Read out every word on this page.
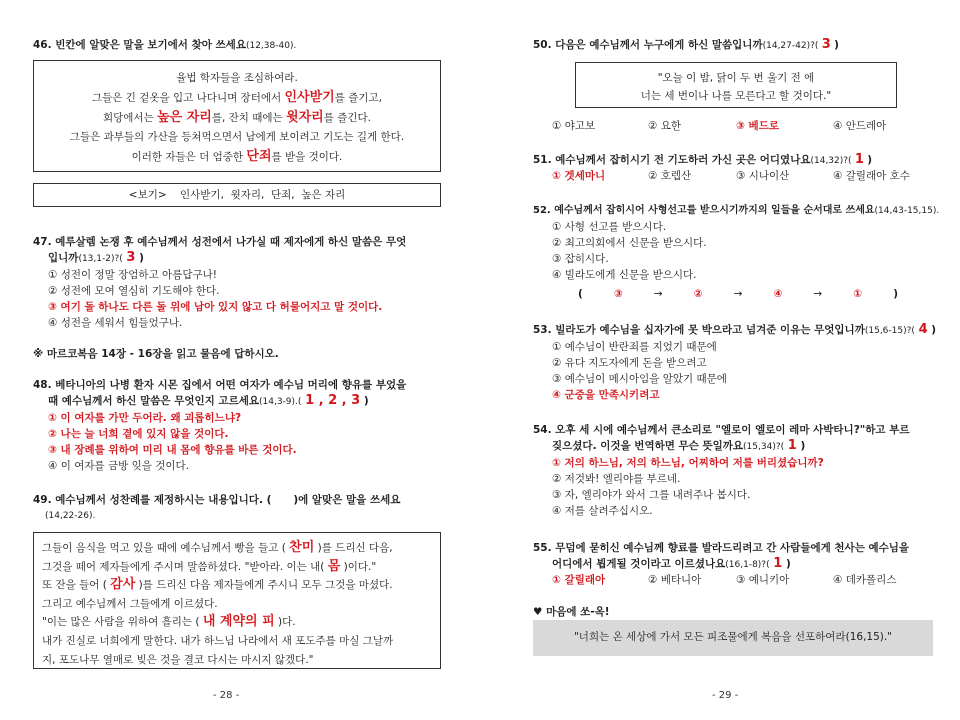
46. 빈칸에 알맞은 말을 보기에서 찾아 쓰세요(12,38-40).
율법 학자들을 조심하여라.
그들은 긴 겉옷을 입고 나다니며 장터에서 인사받기를 즐기고,
회당에서는 높은 자리를, 잔치 때에는 윗자리를 즐긴다.
그들은 과부들의 가산을 등쳐먹으면서 남에게 보이려고 기도는 길게 한다.
이러한 자들은 더 엄중한 단죄를 받을 것이다.
<보기>    인사받기,  윗자리,  단죄,  높은 자리
47. 예루살렘 논쟁 후 예수님께서 성전에서 나가실 때 제자에게 하신 말씀은 무엇
입니까(13,1-2)?( 3 )
① 성전이 정말 장엄하고 아름답구나!
② 성전에 모여 열심히 기도해야 한다.
③ 여기 돌 하나도 다른 돌 위에 남아 있지 않고 다 허물어지고 말 것이다.
④ 성전을 세워서 힘들었구나.
※ 마르코복음 14장 - 16장을 읽고 물음에 답하시오.
48. 베타니아의 나병 환자 시몬 집에서 어떤 여자가 예수님 머리에 향유를 부었을
때 예수님께서 하신 말씀은 무엇인지 고르세요(14,3-9).( 1 , 2 , 3 )
① 이 여자를 가만 두어라. 왜 괴롭히느냐?
② 나는 늘 너희 곁에 있지 않을 것이다.
③ 내 장례를 위하여 미리 내 몸에 향유를 바른 것이다.
④ 이 여자를 금방 잊을 것이다.
49. 예수님께서 성찬례를 제정하시는 내용입니다. (      )에 알맞은 말을 쓰세요
(14,22-26).
그들이 음식을 먹고 있을 때에 예수님께서 빵을 들고 ( 찬미 )를 드리신 다음,
그것을 떼어 제자들에게 주시며 말씀하셨다. "받아라. 이는 내( 몸 )이다."
또 잔을 들어 ( 감사 )를 드리신 다음 제자들에게 주시니 모두 그것을 마셨다.
그리고 예수님께서 그들에게 이르셨다.
"이는 많은 사람을 위하여 흘리는 ( 내 계약의 피 )다.
내가 진실로 너희에게 말한다. 내가 하느님 나라에서 새 포도주를 마실 그날까
지, 포도나무 열매로 빚은 것을 결코 다시는 마시지 않겠다."
- 28 -
50. 다음은 예수님께서 누구에게 하신 말씀입니까(14,27-42)?( 3 )
"오늘 이 밤, 닭이 두 번 울기 전 에
너는 세 번이나 나를 모른다고 할 것이다."
① 야고보	② 요한	③ 베드로	④ 안드레아
51. 예수님께서 잡히시기 전 기도하러 가신 곳은 어디였나요(14,32)?( 1 )
① 겟세마니	② 호렙산	③ 시나이산	④ 갈릴래아 호수
52. 예수님께서 잡히시어 사형선고를 받으시기까지의 일들을 순서대로 쓰세요(14,43-15,15).
① 사형 선고를 받으시다.
② 최고의회에서 신문을 받으시다.
③ 잡히시다.
④ 빌라도에게 신문을 받으시다.
(	③	→	②	→	④	→	①	)
53. 빌라도가 예수님을 십자가에 못 박으라고 넘겨준 이유는 무엇입니까(15,6-15)?( 4 )
① 예수님이 반란죄를 지었기 때문에
② 유다 지도자에게 돈을 받으려고
③ 예수님이 메시아임을 알았기 때문에
④ 군중을 만족시키려고
54. 오후 세 시에 예수님께서 큰소리로 "엘로이 엘로이 레마 사박타니?"하고 부르
짖으셨다. 이것을 번역하면 무슨 뜻일까요(15,34)?( 1 )
① 저의 하느님, 저의 하느님, 어찌하여 저를 버리셨습니까?
② 저것봐! 엘리야를 부르네.
③ 자, 엘리야가 와서 그를 내려주나 봅시다.
④ 저를 살려주십시오.
55. 무덤에 묻히신 예수님께 향료를 발라드리려고 간 사람들에게 천사는 예수님을
어디에서 뵙게될 것이라고 이르셨나요(16,1-8)?( 1 )
① 갈릴래아	② 베타니아	③ 예니키아	④ 데카폴리스
♥ 마음에 쏘-옥!
"너희는 온 세상에 가서 모든 피조물에게 복음을 선포하여라(16,15)."
- 29 -
